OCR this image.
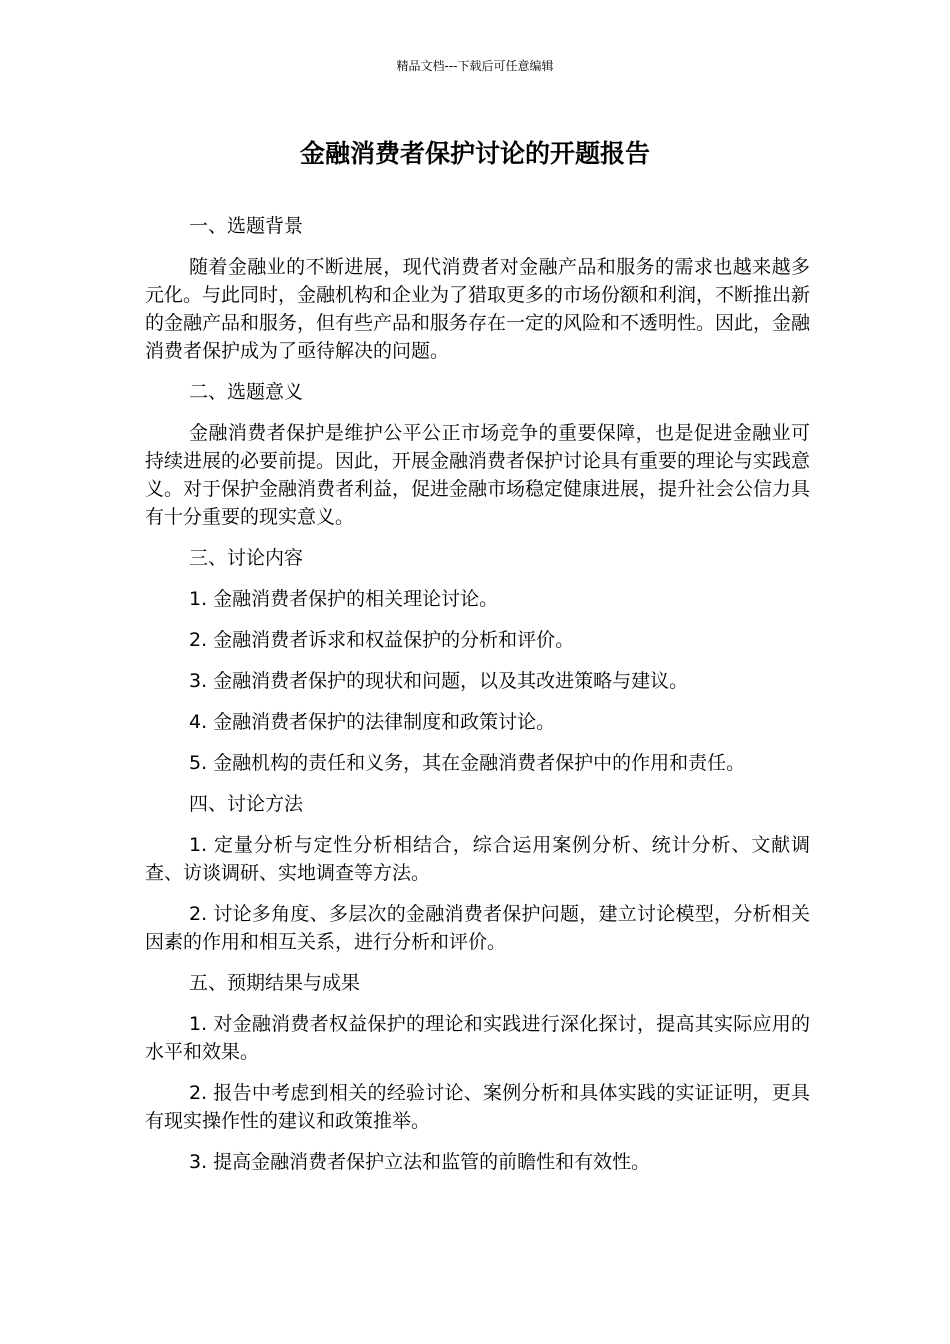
精品文档---下载后可任意编辑
金融消费者保护讨论的开题报告

一、选题背景

随着金融业的不断进展，现代消费者对金融产品和服务的需求也越来越多元化。与此同时，金融机构和企业为了猎取更多的市场份额和利润，不断推出新的金融产品和服务，但有些产品和服务存在一定的风险和不透明性。因此，金融消费者保护成为了亟待解决的问题。

二、选题意义

金融消费者保护是维护公平公正市场竞争的重要保障，也是促进金融业可持续进展的必要前提。因此，开展金融消费者保护讨论具有重要的理论与实践意义。对于保护金融消费者利益，促进金融市场稳定健康进展，提升社会公信力具有十分重要的现实意义。

三、讨论内容

1. 金融消费者保护的相关理论讨论。

2. 金融消费者诉求和权益保护的分析和评价。

3. 金融消费者保护的现状和问题，以及其改进策略与建议。

4. 金融消费者保护的法律制度和政策讨论。

5. 金融机构的责任和义务，其在金融消费者保护中的作用和责任。

四、讨论方法

1. 定量分析与定性分析相结合，综合运用案例分析、统计分析、文献调查、访谈调研、实地调查等方法。

2. 讨论多角度、多层次的金融消费者保护问题，建立讨论模型，分析相关因素的作用和相互关系，进行分析和评价。

五、预期结果与成果

1. 对金融消费者权益保护的理论和实践进行深化探讨，提高其实际应用的水平和效果。

2. 报告中考虑到相关的经验讨论、案例分析和具体实践的实证证明，更具有现实操作性的建议和政策推举。

3. 提高金融消费者保护立法和监管的前瞻性和有效性。
